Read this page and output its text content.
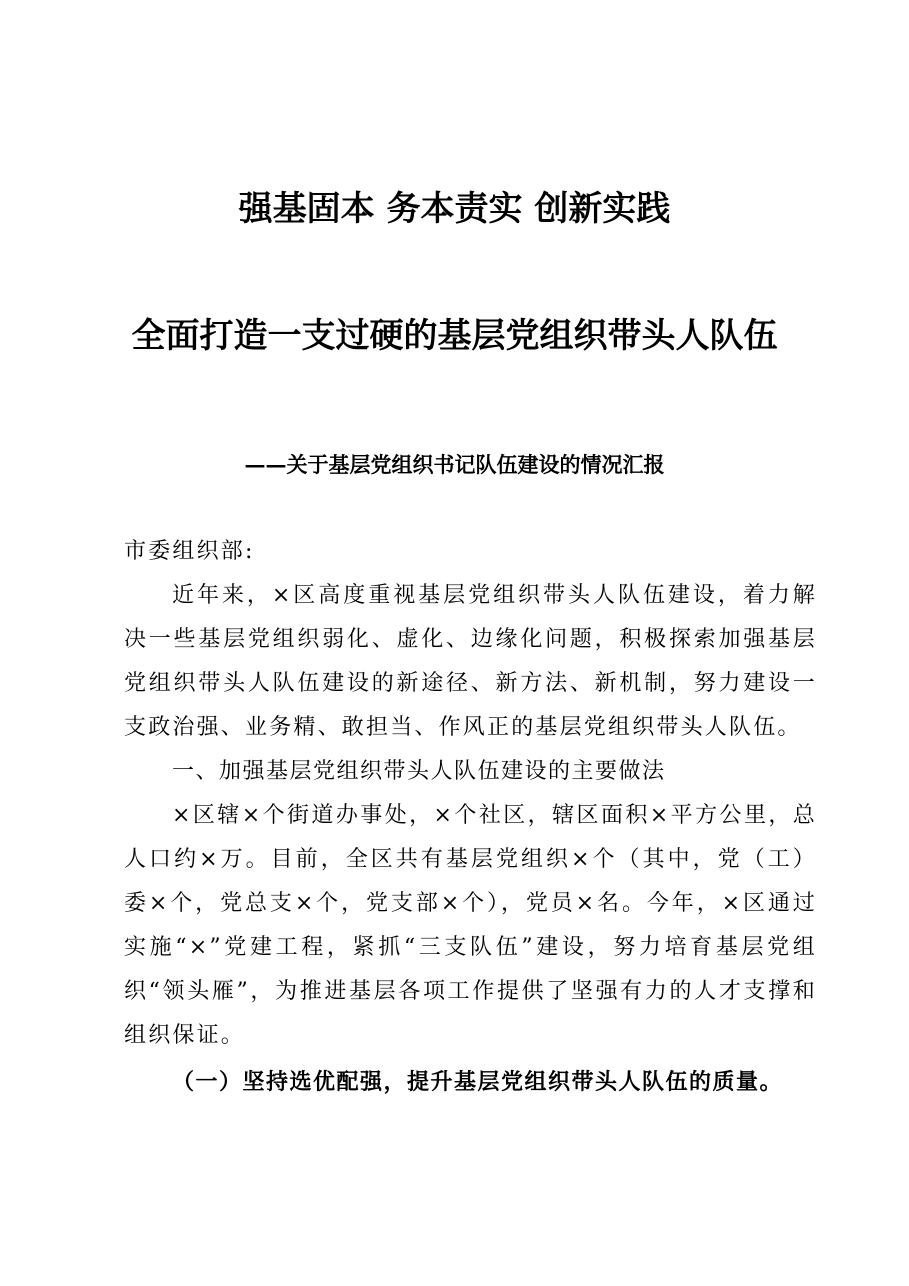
强基固本 务本责实 创新实践
全面打造一支过硬的基层党组织带头人队伍
——关于基层党组织书记队伍建设的情况汇报
市委组织部:
近年来，×区高度重视基层党组织带头人队伍建设，着力解决一些基层党组织弱化、虚化、边缘化问题，积极探索加强基层党组织带头人队伍建设的新途径、新方法、新机制，努力建设一支政治强、业务精、敢担当、作风正的基层党组织带头人队伍。
一、加强基层党组织带头人队伍建设的主要做法
×区辖×个街道办事处，×个社区，辖区面积×平方公里，总人口约×万。目前，全区共有基层党组织×个（其中，党（工）委×个，党总支×个，党支部×个），党员×名。今年，×区通过实施“×”党建工程，紧抓“三支队伍”建设，努力培育基层党组织“领头雁”，为推进基层各项工作提供了坚强有力的人才支撑和组织保证。
（一）坚持选优配强，提升基层党组织带头人队伍的质量。
